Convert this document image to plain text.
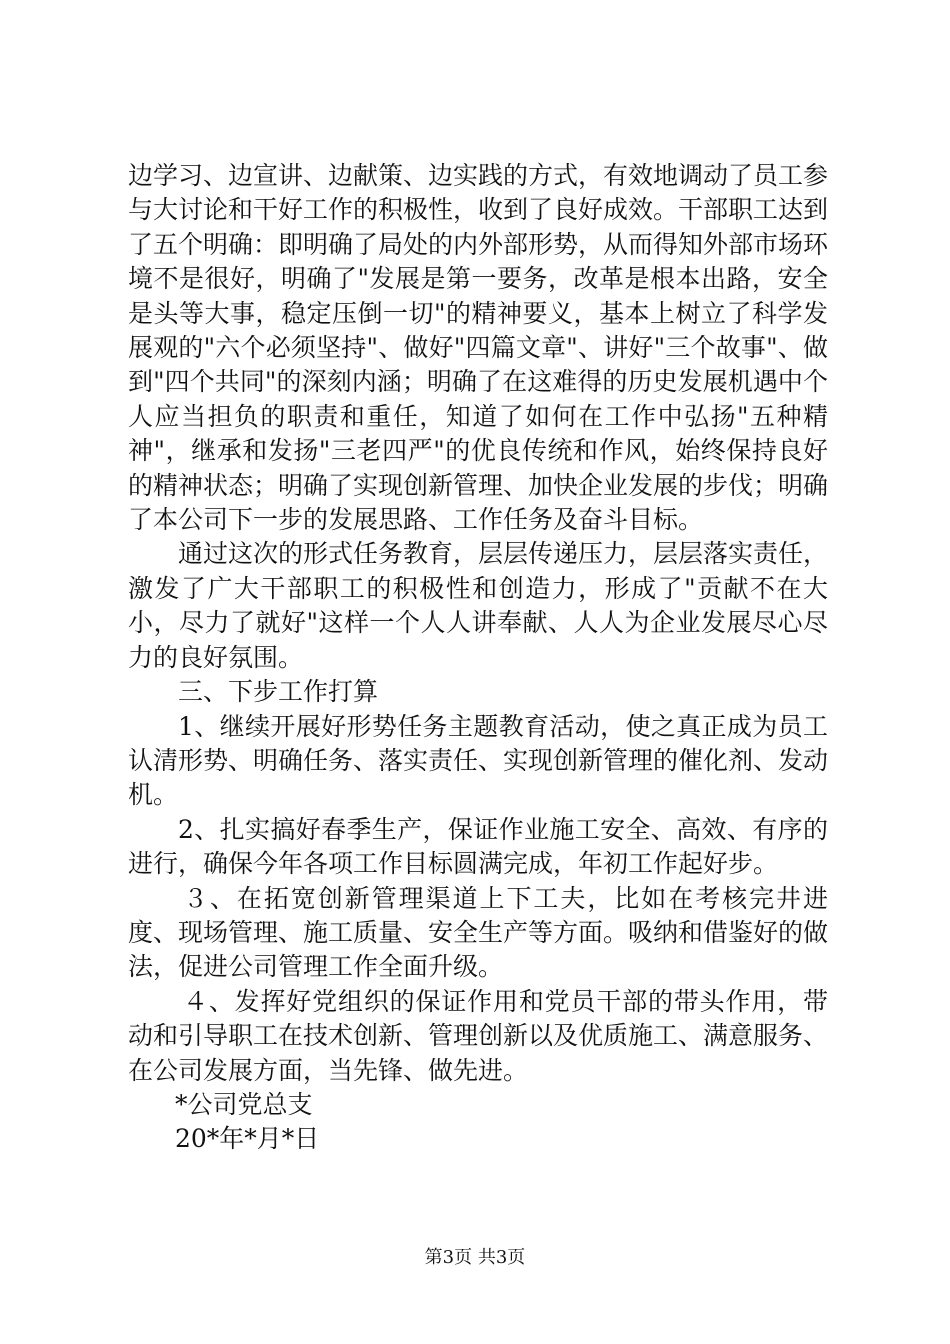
边学习、边宣讲、边献策、边实践的方式，有效地调动了员工参与大讨论和干好工作的积极性，收到了良好成效。干部职工达到了五个明确：即明确了局处的内外部形势，从而得知外部市场环境不是很好，明确了"发展是第一要务，改革是根本出路，安全是头等大事，稳定压倒一切"的精神要义，基本上树立了科学发展观的"六个必须坚持"、做好"四篇文章"、讲好"三个故事"、做到"四个共同"的深刻内涵；明确了在这难得的历史发展机遇中个人应当担负的职责和重任，知道了如何在工作中弘扬"五种精神"，继承和发扬"三老四严"的优良传统和作风，始终保持良好的精神状态；明确了实现创新管理、加快企业发展的步伐；明确了本公司下一步的发展思路、工作任务及奋斗目标。

通过这次的形式任务教育，层层传递压力，层层落实责任，激发了广大干部职工的积极性和创造力，形成了"贡献不在大小，尽力了就好"这样一个人人讲奉献、人人为企业发展尽心尽力的良好氛围。

三、下步工作打算

1、继续开展好形势任务主题教育活动，使之真正成为员工认清形势、明确任务、落实责任、实现创新管理的催化剂、发动机。

2、扎实搞好春季生产，保证作业施工安全、高效、有序的进行，确保今年各项工作目标圆满完成，年初工作起好步。

３、在拓宽创新管理渠道上下工夫，比如在考核完井进度、现场管理、施工质量、安全生产等方面。吸纳和借鉴好的做法，促进公司管理工作全面升级。

４、发挥好党组织的保证作用和党员干部的带头作用，带动和引导职工在技术创新、管理创新以及优质施工、满意服务、在公司发展方面，当先锋、做先进。

*公司党总支

20*年*月*日

第3页 共3页
